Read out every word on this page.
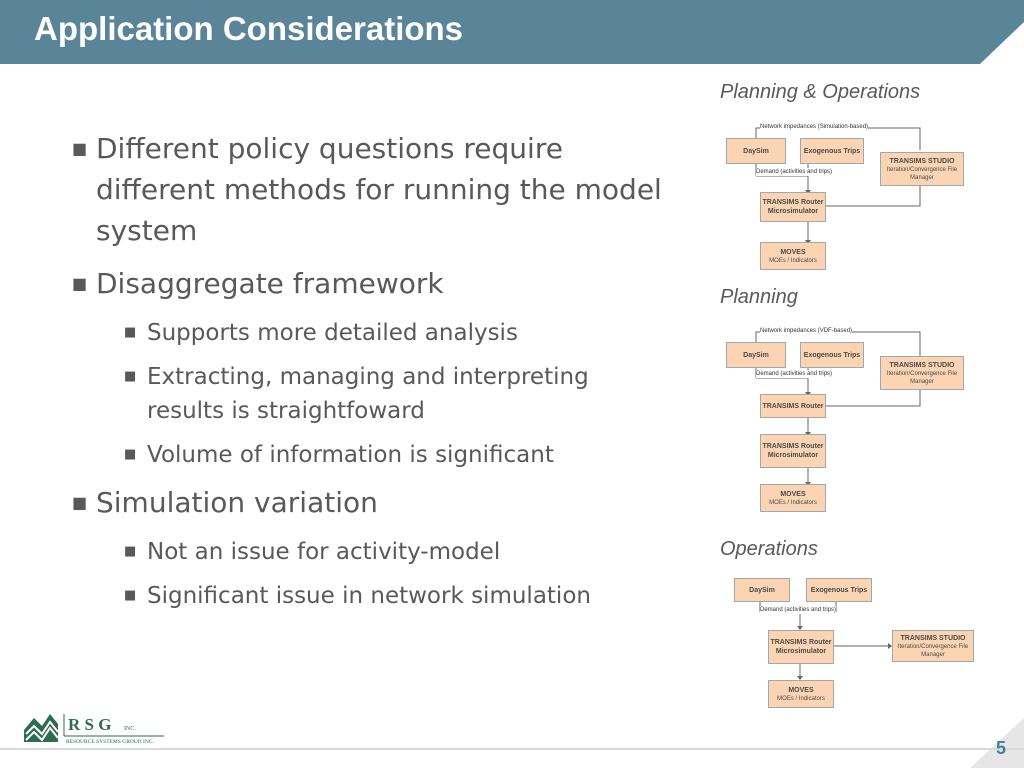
Application Considerations
■ Different policy questions require different methods for running the model system
■ Disaggregate framework
■ Supports more detailed analysis
■ Extracting, managing and interpreting results is straightfoward
■ Volume of information is significant
■ Simulation variation
■ Not an issue for activity-model
■ Significant issue in network simulation
Planning & Operations
Network impedances (Simulation-based)
DaySim	Exogenous Trips
TRANSIMS STUDIO
Iteration/Convergence File Manager
Demand (activities and trips)
TRANSIMS Router Microsimulator
MOVES
MOEs / Indicators
Planning
Network impedances (VDF-based)
DaySim	Exogenous Trips
TRANSIMS STUDIO
Iteration/Convergence File Manager
Demand (activities and trips)
TRANSIMS Router
TRANSIMS Router Microsimulator
MOVES
MOEs / Indicators
Operations
DaySim	Exogenous Trips
Demand (activities and trips)
TRANSIMS Router Microsimulator
TRANSIMS STUDIO
Iteration/Convergence File Manager
MOVES
MOEs / Indicators
R S G INC.
RESOURCE SYSTEMS GROUP, INC.	5
